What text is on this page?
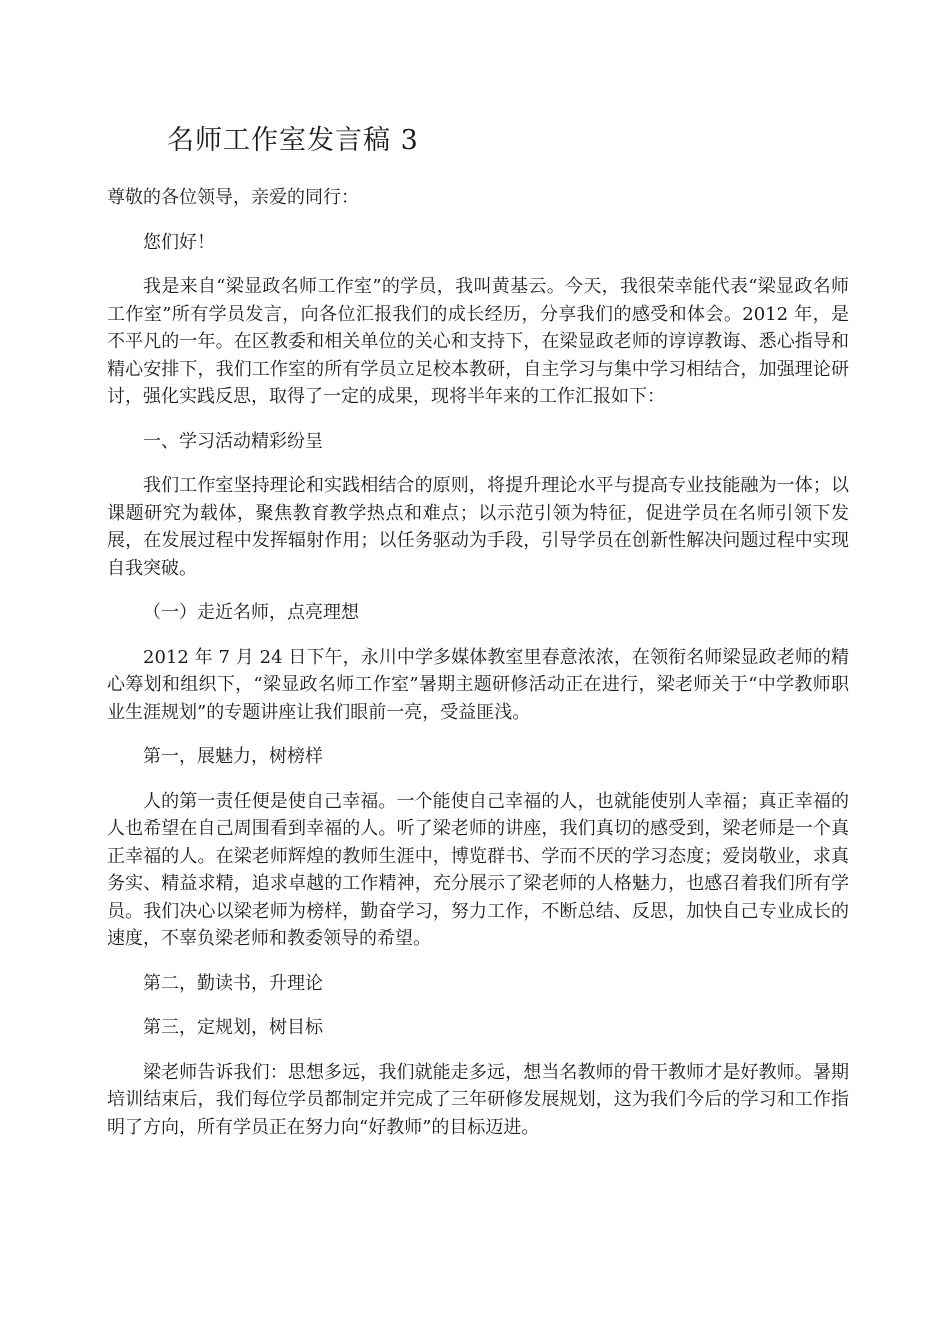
名师工作室发言稿 3

尊敬的各位领导，亲爱的同行：

您们好！

我是来自“梁显政名师工作室”的学员，我叫黄基云。今天，我很荣幸能代表“梁显政名师工作室”所有学员发言，向各位汇报我们的成长经历，分享我们的感受和体会。2012 年，是不平凡的一年。在区教委和相关单位的关心和支持下，在梁显政老师的谆谆教诲、悉心指导和精心安排下，我们工作室的所有学员立足校本教研，自主学习与集中学习相结合，加强理论研讨，强化实践反思，取得了一定的成果，现将半年来的工作汇报如下：

一、学习活动精彩纷呈

我们工作室坚持理论和实践相结合的原则，将提升理论水平与提高专业技能融为一体；以课题研究为载体，聚焦教育教学热点和难点；以示范引领为特征，促进学员在名师引领下发展，在发展过程中发挥辐射作用；以任务驱动为手段，引导学员在创新性解决问题过程中实现自我突破。

（一）走近名师，点亮理想

2012 年 7 月 24 日下午，永川中学多媒体教室里春意浓浓，在领衔名师梁显政老师的精心筹划和组织下，“梁显政名师工作室”暑期主题研修活动正在进行，梁老师关于“中学教师职业生涯规划”的专题讲座让我们眼前一亮，受益匪浅。

第一，展魅力，树榜样

人的第一责任便是使自己幸福。一个能使自己幸福的人，也就能使别人幸福；真正幸福的人也希望在自己周围看到幸福的人。听了梁老师的讲座，我们真切的感受到，梁老师是一个真正幸福的人。在梁老师辉煌的教师生涯中，博览群书、学而不厌的学习态度；爱岗敬业，求真务实、精益求精，追求卓越的工作精神，充分展示了梁老师的人格魅力，也感召着我们所有学员。我们决心以梁老师为榜样，勤奋学习，努力工作，不断总结、反思，加快自己专业成长的速度，不辜负梁老师和教委领导的希望。

第二，勤读书，升理论

第三，定规划，树目标

梁老师告诉我们：思想多远，我们就能走多远，想当名教师的骨干教师才是好教师。暑期培训结束后，我们每位学员都制定并完成了三年研修发展规划，这为我们今后的学习和工作指明了方向，所有学员正在努力向“好教师”的目标迈进。
